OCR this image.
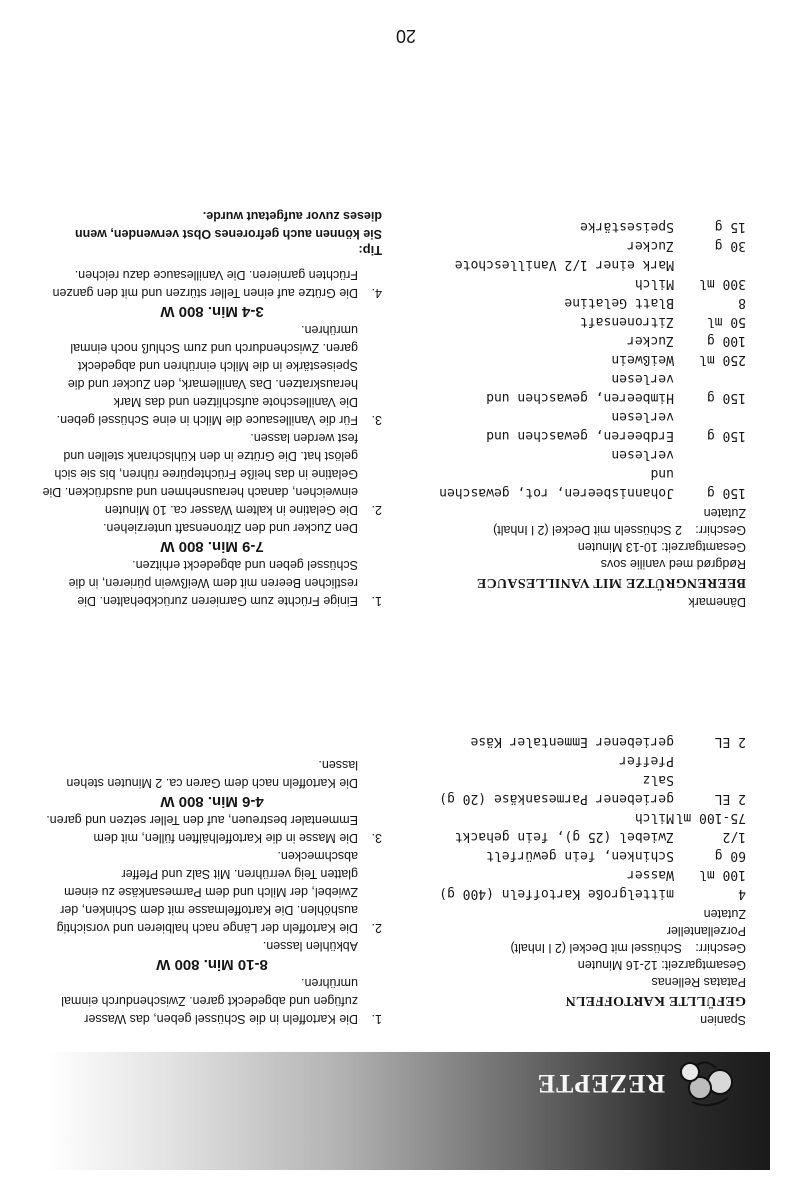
REZEPTE

Spanien

GEFÜLLTE KARTOFFELN

Patatas Rellenas

Gesamtgarzeit: 12-16 Minuten

Geschirr:
Schüssel mit Deckel (2 l Inhalt)

Porzellanteller

Zutaten

4
mittelgroße Kartoffeln (400 g)
100 ml
Wasser
60 g
Schinken, fein gewürfelt
1/2
Zwiebel (25 g), fein gehackt
75-100 ml
Milch
2 EL
geriebener Parmesankäse (20 g)
Salz
Pfeffer
2 EL
geriebener Emmentaler Käse
1.
Die Kartoffeln in die Schüssel geben, das Wasser zufügen und abgedeckt garen. Zwischendurch einmal umrühren.
8-10 Min. 800 W
Abkühlen lassen.
2.
Die Kartoffeln der Länge nach halbieren und vorsichtig aushöhlen. Die Kartoffelmasse mit dem Schinken, der Zwiebel, der Milch und dem Parmesankäse zu einem glatten Teig verrühren. Mit Salz und Pfeffer abschmecken.
3.
Die Masse in die Kartoffelhälften füllen, mit dem Emmentaler bestreuen, auf den Teller setzen und garen.
4-6 Min. 800 W
Die Kartoffeln nach dem Garen ca. 2 Minuten stehen lassen.

Dänemark

BEERENGRÜTZE MIT VANILLESAUCE

Rødgrød med vanilie sovs

Gesamtgarzeit: 10-13 Minuten

Geschirr:
2 Schüsseln mit Deckel (2 l Inhalt)

Zutaten

150 g
Johannisbeeren, rot, gewaschen und
verlesen
150 g
Erdbeeren, gewaschen und verlesen
150 g
Himbeeren, gewaschen und verlesen
250 ml
Weißwein
100 g
Zucker
50 ml
Zitronensaft
8
Blatt Gelatine
300 ml
Milch
Mark einer 1/2 Vanilleschote
30 g
Zucker
15 g
Speisestärke
1.
Einige Früchte zum Garnieren zurückbehalten. Die restlichen Beeren mit dem Weißwein pürieren, in die Schüssel geben und abgedeckt erhitzen.
7-9 Min. 800 W
Den Zucker und den Zitronensaft unterziehen.
2.
Die Gelatine in kaltem Wasser ca. 10 Minuten einweichen, danach herausnehmen und ausdrücken. Die Gelatine in das heiße Früchtepüree rühren, bis sie sich gelöst hat. Die Grütze in den Kühlschrank stellen und fest werden lassen.
3.
Für die Vanillesauce die Milch in eine Schüssel geben. Die Vanilleschote aufschlitzen und das Mark herauskratzen. Das Vanillemark, den Zucker und die Speisestärke in die Milch einrühren und abgedeckt garen. Zwischendurch und zum Schluß noch einmal umrühren.
3-4 Min. 800 W
4.
Die Grütze auf einen Teller stürzen und mit den ganzen Früchten garnieren. Die Vanillesauce dazu reichen.
Tip:
Sie können auch gefrorenes Obst verwenden, wenn dieses zuvor aufgetaut wurde.
20
